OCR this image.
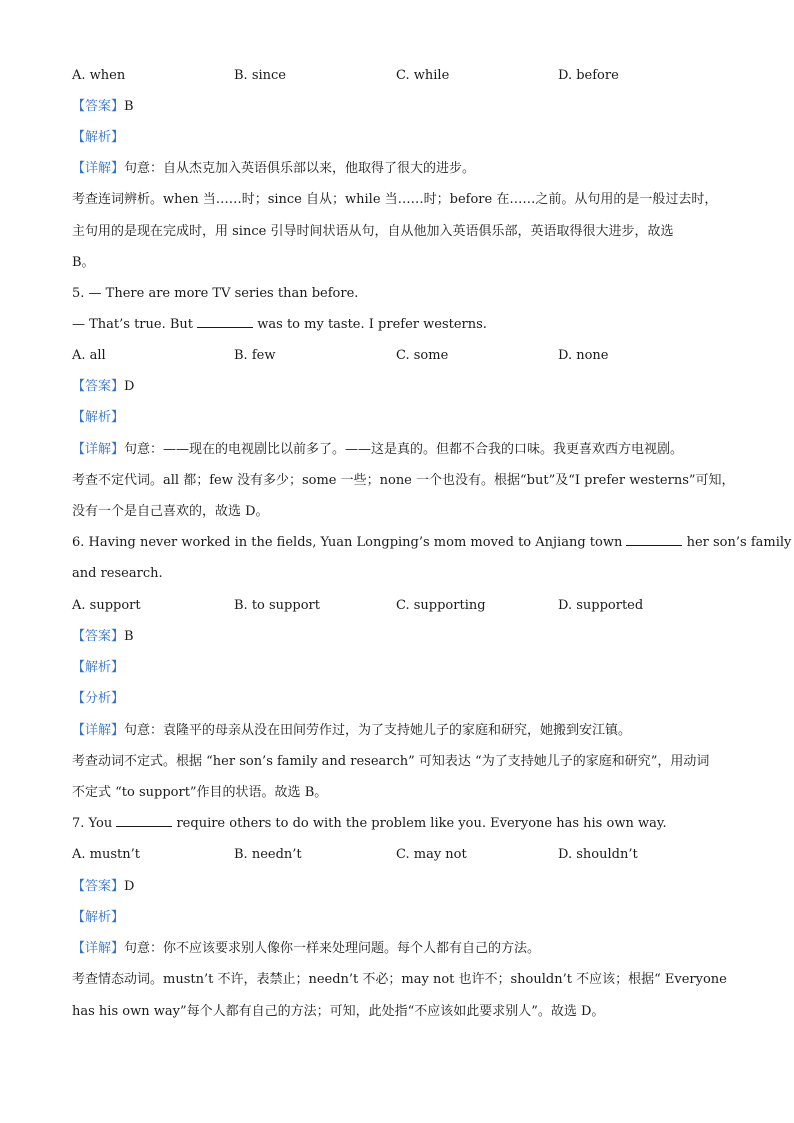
A. when	B. since	C. while	D. before
【答案】B
【解析】
【详解】句意：自从杰克加入英语俱乐部以来，他取得了很大的进步。
考查连词辨析。when 当……时；since 自从；while 当……时；before 在……之前。从句用的是一般过去时，
主句用的是现在完成时，用 since 引导时间状语从句，自从他加入英语俱乐部，英语取得很大进步，故选
B。
5. — There are more TV series than before.
— That’s true. But	was to my taste. I prefer westerns.
A. all	B. few	C. some	D. none
【答案】D
【解析】
【详解】句意：——现在的电视剧比以前多了。——这是真的。但都不合我的口味。我更喜欢西方电视剧。
考查不定代词。all 都；few 没有多少；some 一些；none 一个也没有。根据“but”及“I prefer westerns”可知，
没有一个是自己喜欢的，故选 D。
6. Having never worked in the fields, Yuan Longping’s mom moved to Anjiang town	her son’s family
and research.
A. support	B. to support	C. supporting	D. supported
【答案】B
【解析】
【分析】
【详解】句意：袁隆平的母亲从没在田间劳作过，为了支持她儿子的家庭和研究，她搬到安江镇。
考查动词不定式。根据 “her son’s family and research” 可知表达 “为了支持她儿子的家庭和研究”，用动词
不定式 “to support”作目的状语。故选 B。
7. You	require others to do with the problem like you. Everyone has his own way.
A. mustn’t	B. needn’t	C. may not	D. shouldn’t
【答案】D
【解析】
【详解】句意：你不应该要求别人像你一样来处理问题。每个人都有自己的方法。
考查情态动词。mustn’t 不许，表禁止；needn’t 不必；may not 也许不；shouldn’t 不应该；根据“ Everyone
has his own way”每个人都有自己的方法；可知，此处指“不应该如此要求别人”。故选 D。
